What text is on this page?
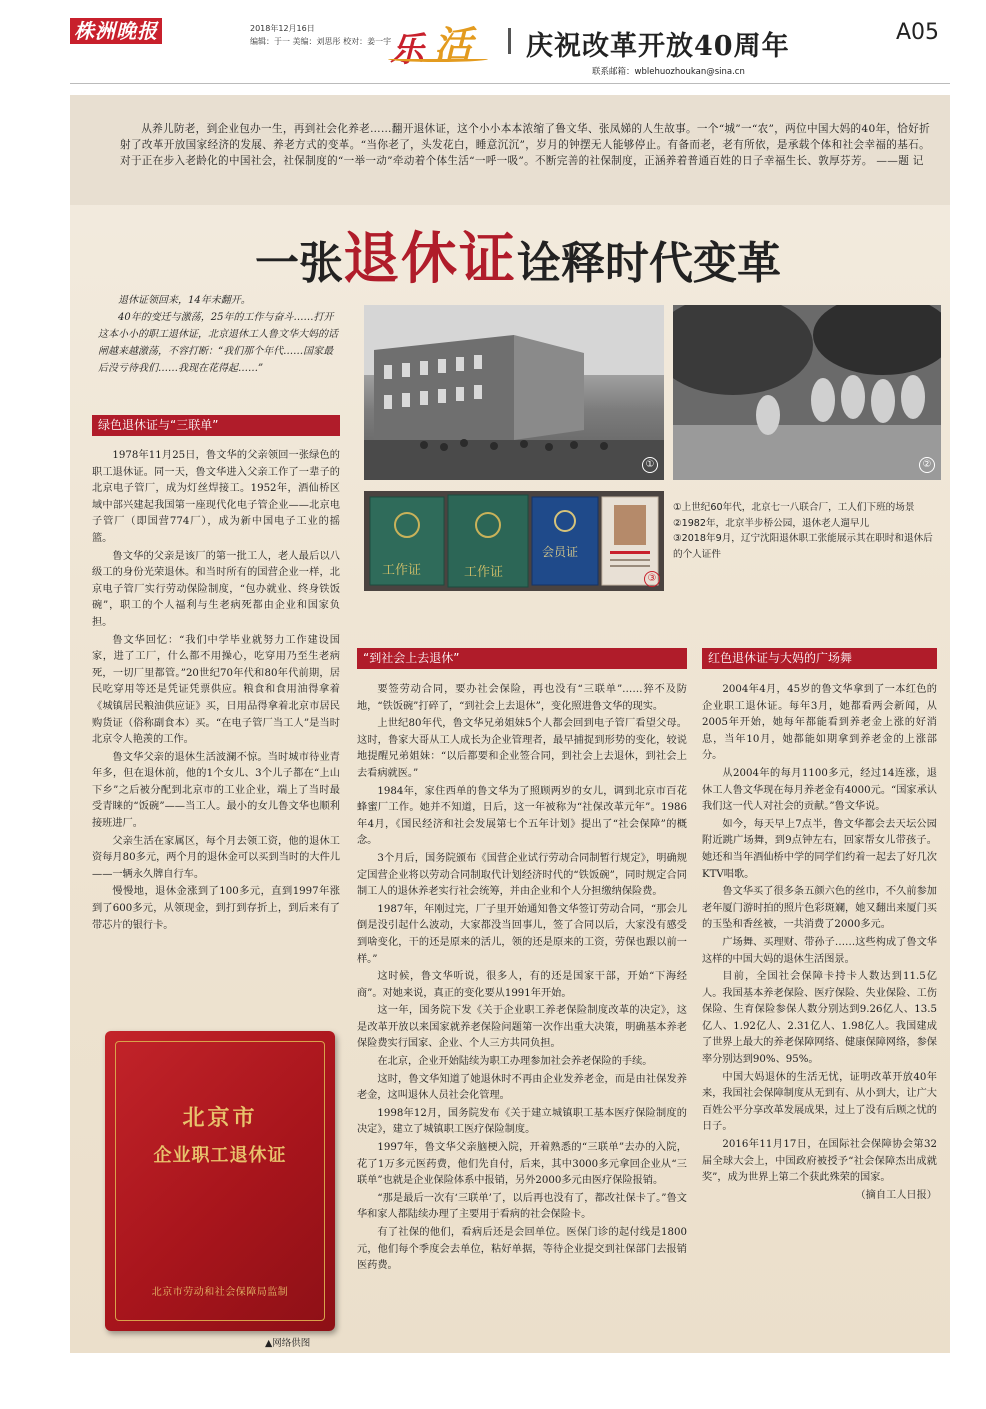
株洲晚报	2018年12月16日
编辑：于一 美编：刘思彤 校对：姜一宇
乐 活 庆祝改革开放40周年	A05
联系邮箱：wblehuozhoukan@sina.cn

从养儿防老，到企业包办一生，再到社会化养老……翻开退休证，这个小小本本浓缩了鲁文华、张凤娣的人生故事。一个“城”一“农”，两位中国大妈的40年，恰好折射了改革开放国家经济的发展、养老方式的变革。“当你老了，头发花白，睡意沉沉”，岁月的钟摆无人能够停止。有备而老，老有所依，是承载个体和社会幸福的基石。对于正在步入老龄化的中国社会，社保制度的“一举一动”牵动着个体生活“一呼一吸”。不断完善的社保制度，正涵养着普通百姓的日子幸福生长、敦厚芬芳。 ——题 记

一张退休证诠释时代变革

退休证领回来，14年未翻开。

40年的变迁与激荡，25年的工作与奋斗……打开这本小小的职工退休证，北京退休工人鲁文华大妈的话闸越来越激荡，不容打断：“我们那个年代……国家最后没亏待我们……我现在花得起……”

绿色退休证与“三联单”

1978年11月25日，鲁文华的父亲领回一张绿色的职工退休证。同一天，鲁文华进入父亲工作了一辈子的北京电子管厂，成为灯丝焊接工。1952年，酒仙桥区域中部兴建起我国第一座现代化电子管企业——北京电子管厂（即国营774厂），成为新中国电子工业的摇篮。

鲁文华的父亲是该厂的第一批工人，老人最后以八级工的身份光荣退休。和当时所有的国营企业一样，北京电子管厂实行劳动保险制度，“包办就业、终身铁饭碗”，职工的个人福利与生老病死都由企业和国家负担。

鲁文华回忆：“我们中学毕业就努力工作建设国家，进了工厂，什么都不用操心，吃穿用乃至生老病死，一切厂里都管。”20世纪70年代和80年代前期，居民吃穿用等还是凭证凭票供应。粮食和食用油得拿着《城镇居民粮油供应证》买，日用品得拿着北京市居民购货证（俗称副食本）买。“在电子管厂当工人”是当时北京令人艳羡的工作。

鲁文华父亲的退休生活波澜不惊。当时城市待业青年多，但在退休前，他的1个女儿、3个儿子都在“上山下乡”之后被分配到北京市的工业企业，端上了当时最受青睐的“饭碗”——当工人。最小的女儿鲁文华也顺利接班进厂。

父亲生活在家属区，每个月去领工资，他的退休工资每月80多元，两个月的退休金可以买到当时的大件儿——一辆永久牌自行车。

慢慢地，退休金涨到了100多元，直到1997年涨到了600多元，从领现金，到打到存折上，到后来有了带芯片的银行卡。

①	②
工作证	工作证
会员证
③

①上世纪60年代，北京七一八联合厂，工人们下班的场景

②1982年，北京半步桥公园，退休老人遛早儿

③2018年9月，辽宁沈阳退休职工张能展示其在职时和退休后的个人证件

“到社会上去退休”

要签劳动合同，要办社会保险，再也没有“三联单”……猝不及防地，“铁饭碗”打碎了，“到社会上去退休”，变化照进鲁文华的现实。

上世纪80年代，鲁文华兄弟姐妹5个人都会回到电子管厂看望父母。这时，鲁家大哥从工人成长为企业管理者，最早捕捉到形势的变化，较说地提醒兄弟姐妹：“以后都要和企业签合同，到社会上去退休，到社会上去看病就医。”

1984年，家住西单的鲁文华为了照顾两岁的女儿，调到北京市百花蜂蜜厂工作。她并不知道，日后，这一年被称为“社保改革元年”。1986年4月，《国民经济和社会发展第七个五年计划》提出了“社会保障”的概念。

3个月后，国务院颁布《国营企业试行劳动合同制暂行规定》，明确规定国营企业将以劳动合同制取代计划经济时代的“铁饭碗”，同时规定合同制工人的退休养老实行社会统筹，并由企业和个人分担缴纳保险费。

1987年，年刚过完，厂子里开始通知鲁文华签订劳动合同，“那会儿倒是没引起什么波动，大家都没当回事儿，签了合同以后，大家没有感受到啥变化，干的还是原来的活儿，领的还是原来的工资，劳保也跟以前一样。”

这时候，鲁文华听说，很多人，有的还是国家干部，开始“下海经商”。对她来说，真正的变化要从1991年开始。

这一年，国务院下发《关于企业职工养老保险制度改革的决定》，这是改革开放以来国家就养老保险问题第一次作出重大决策，明确基本养老保险费实行国家、企业、个人三方共同负担。

在北京，企业开始陆续为职工办理参加社会养老保险的手续。

这时，鲁文华知道了她退休时不再由企业发养老金，而是由社保发养老金，这叫退休人员社会化管理。

1998年12月，国务院发布《关于建立城镇职工基本医疗保险制度的决定》，建立了城镇职工医疗保险制度。

1997年，鲁文华父亲脑梗入院，开着熟悉的“三联单”去办的入院，花了1万多元医药费，他们先自付，后来，其中3000多元拿回企业从“三联单”也就是企业保险体系中报销，另外2000多元由医疗保险报销。

“那是最后一次有‘三联单’了，以后再也没有了，都改社保卡了。”鲁文华和家人都陆续办理了主要用于看病的社会保险卡。

有了社保的他们，看病后还是会回单位。医保门诊的起付线是1800元，他们每个季度会去单位，粘好单据，等待企业提交到社保部门去报销医药费。

红色退休证与大妈的广场舞

2004年4月，45岁的鲁文华拿到了一本红色的企业职工退休证。每年3月，她都看两会新闻，从2005年开始，她每年都能看到养老金上涨的好消息，当年10月，她都能如期拿到养老金的上涨部分。

从2004年的每月1100多元，经过14连涨，退休工人鲁文华现在每月养老金有4000元。“国家承认我们这一代人对社会的贡献。”鲁文华说。

如今，每天早上7点半，鲁文华都会去天坛公园附近跳广场舞，到9点钟左右，回家帮女儿带孩子。她还和当年酒仙桥中学的同学们约着一起去了好几次KTV唱歌。

鲁文华买了很多条五颜六色的丝巾，不久前参加老年厦门游时拍的照片色彩斑斓，她又翻出来厦门买的玉坠和香丝被，一共消费了2000多元。

广场舞、买理财、带孙子……这些构成了鲁文华这样的中国大妈的退休生活图景。

目前，全国社会保障卡持卡人数达到11.5亿人。我国基本养老保险、医疗保险、失业保险、工伤保险、生育保险参保人数分别达到9.26亿人、13.5亿人、1.92亿人、2.31亿人、1.98亿人。我国建成了世界上最大的养老保障网络、健康保障网络，参保率分别达到90%、95%。

中国大妈退休的生活无忧，证明改革开放40年来，我国社会保障制度从无到有、从小到大，让广大百姓公平分享改革发展成果，过上了没有后顾之忧的日子。

2016年11月17日，在国际社会保障协会第32届全球大会上，中国政府被授予“社会保障杰出成就奖”，成为世界上第二个获此殊荣的国家。

（摘自工人日报）

北京市
企业职工退休证
北京市劳动和社会保障局监制
▲网络供图
